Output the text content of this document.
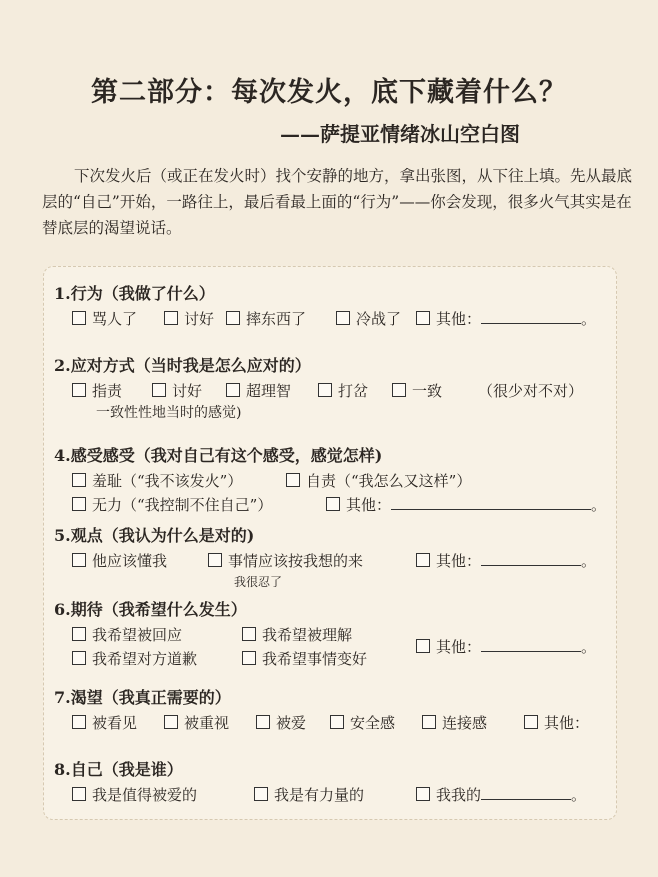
第二部分：每次发火，底下藏着什么？
——萨提亚情绪冰山空白图
下次发火后（或正在发火时）找个安静的地方，拿出张图，从下往上填。先从最底层的“自己”开始，一路往上，最后看最上面的“行为”——你会发现，很多火气其实是在替底层的渴望说话。
1.行为（我做了什么）
骂人了	讨好	摔东西了	冷战了	其他：	。
2.应对方式（当时我是怎么应对的）
指责	讨好	超理智	打岔	一致 （很少对不对）
一致性性地当时的感觉)
4.感受感受（我对自己有这个感受，感觉怎样)
羞耻（“我不该发火”）	自责（“我怎么又这样”）
无力（“我控制不住自己”）	其他：	。
5.观点（我认为什么是对的)
他应该懂我	事情应该按我想的来	其他：	。
我很忍了
6.期待（我希望什么发生）
我希望被回应	我希望被理解
我希望对方道歉	我希望事情变好
其他：	。
7.渴望（我真正需要的）
被看见	被重视	被爱	安全感	连接感	其他：
8.自己（我是谁）
我是值得被爱的	我是有力量的	我我的	。
